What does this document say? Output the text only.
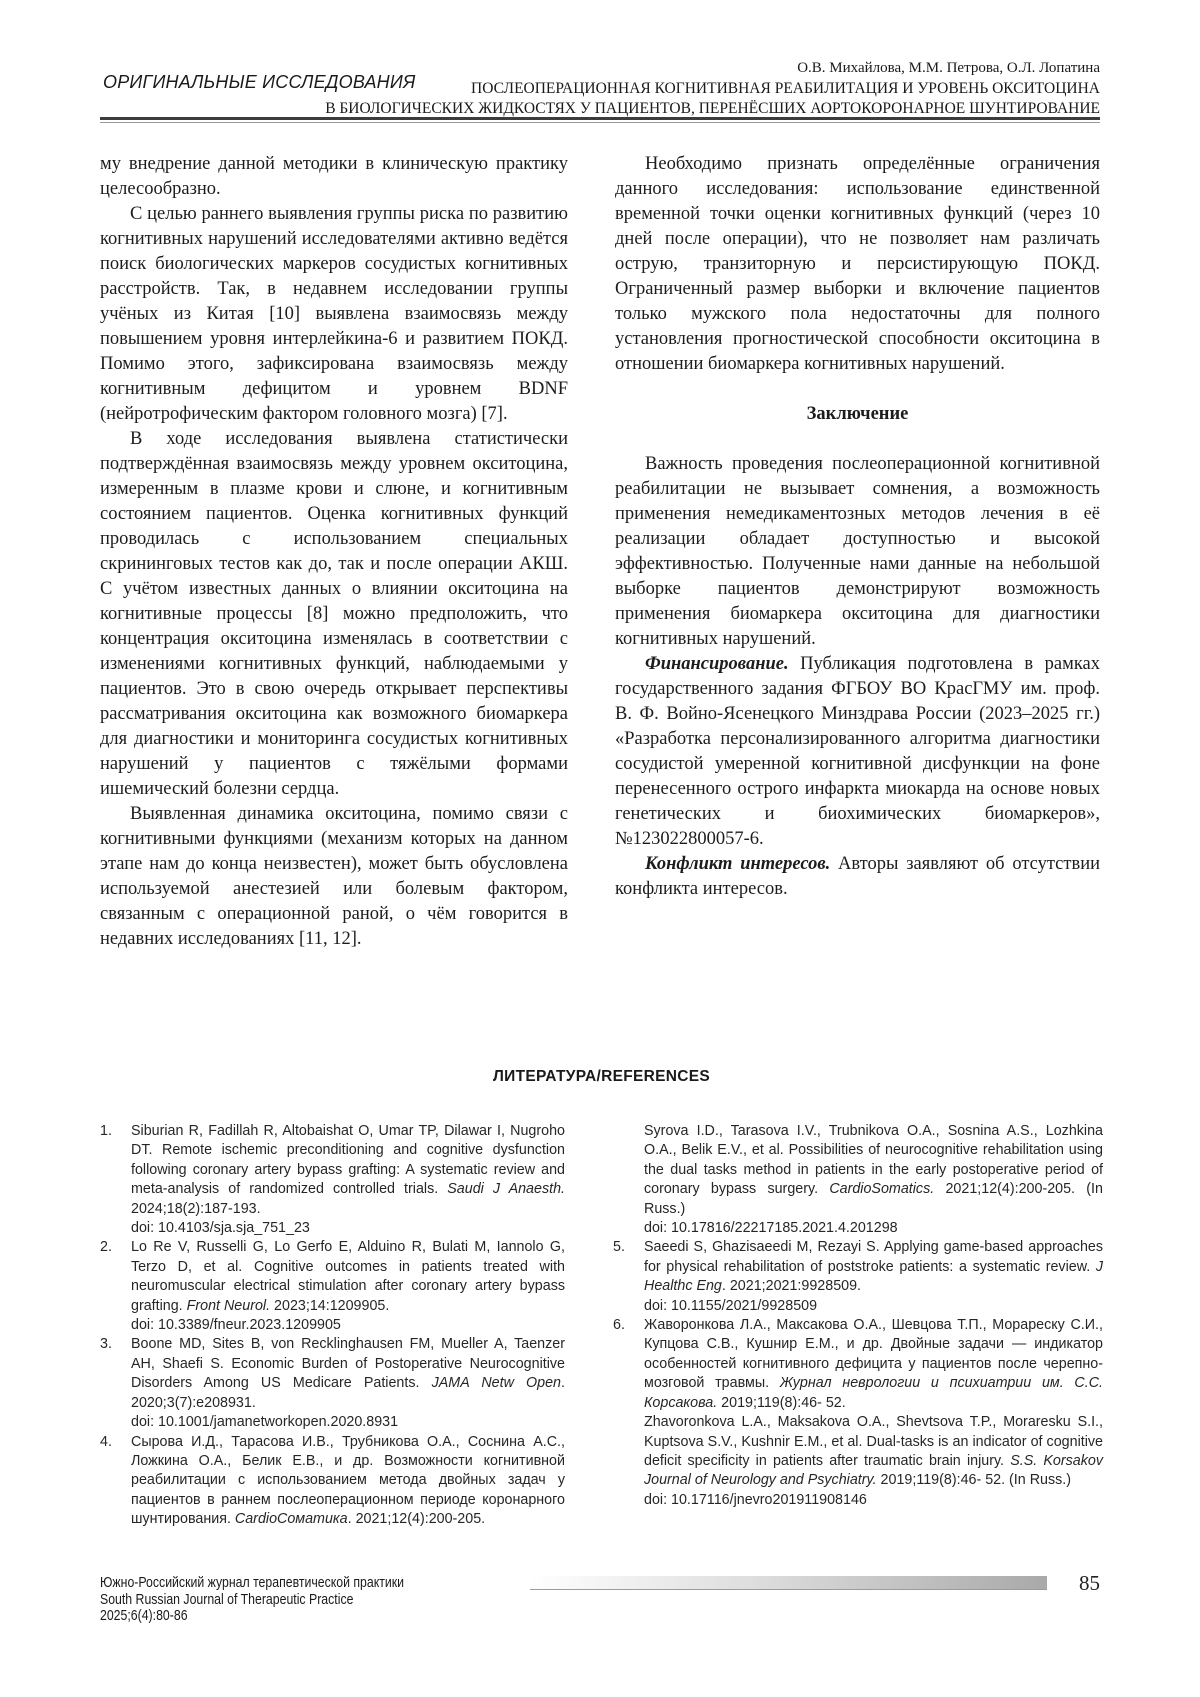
ОРИГИНАЛЬНЫЕ ИССЛЕДОВАНИЯ
О.В. Михайлова, М.М. Петрова, О.Л. Лопатина
ПОСЛЕОПЕРАЦИОННАЯ КОГНИТИВНАЯ РЕАБИЛИТАЦИЯ И УРОВЕНЬ ОКСИТОЦИНА
В БИОЛОГИЧЕСКИХ ЖИДКОСТЯХ У ПАЦИЕНТОВ, ПЕРЕНЁСШИХ АОРТОКОРОНАРНОЕ ШУНТИРОВАНИЕ

му внедрение данной методики в клиническую практику целесообразно.

С целью раннего выявления группы риска по развитию когнитивных нарушений исследователями активно ведётся поиск биологических маркеров сосудистых когнитивных расстройств. Так, в недавнем исследовании группы учёных из Китая [10] выявлена взаимосвязь между повышением уровня интерлейкина-6 и развитием ПОКД. Помимо этого, зафиксирована взаимосвязь между когнитивным дефицитом и уровнем BDNF (нейротрофическим фактором головного мозга) [7].

В ходе исследования выявлена статистически подтверждённая взаимосвязь между уровнем окситоцина, измеренным в плазме крови и слюне, и когнитивным состоянием пациентов. Оценка когнитивных функций проводилась с использованием специальных скрининговых тестов как до, так и после операции АКШ. С учётом известных данных о влиянии окситоцина на когнитивные процессы [8] можно предположить, что концентрация окситоцина изменялась в соответствии с изменениями когнитивных функций, наблюдаемыми у пациентов. Это в свою очередь открывает перспективы рассматривания окситоцина как возможного биомаркера для диагностики и мониторинга сосудистых когнитивных нарушений у пациентов с тяжёлыми формами ишемический болезни сердца.

Выявленная динамика окситоцина, помимо связи с когнитивными функциями (механизм которых на данном этапе нам до конца неизвестен), может быть обусловлена используемой анестезией или болевым фактором, связанным с операционной раной, о чём говорится в недавних исследованиях [11, 12].

Необходимо признать определённые ограничения данного исследования: использование единственной временной точки оценки когнитивных функций (через 10 дней после операции), что не позволяет нам различать острую, транзиторную и персистирующую ПОКД. Ограниченный размер выборки и включение пациентов только мужского пола недостаточны для полного установления прогностической способности окситоцина в отношении биомаркера когнитивных нарушений.

Заключение

Важность проведения послеоперационной когнитивной реабилитации не вызывает сомнения, а возможность применения немедикаментозных методов лечения в её реализации обладает доступностью и высокой эффективностью. Полученные нами данные на небольшой выборке пациентов демонстрируют возможность применения биомаркера окситоцина для диагностики когнитивных нарушений.

Финансирование. Публикация подготовлена в рамках государственного задания ФГБОУ ВО КрасГМУ им. проф. В. Ф. Войно-Ясенецкого Минздрава России (2023–2025 гг.) «Разработка персонализированного алгоритма диагностики сосудистой умеренной когнитивной дисфункции на фоне перенесенного острого инфаркта миокарда на основе новых генетических и биохимических биомаркеров», №123022800057-6.

Конфликт интересов. Авторы заявляют об отсутствии конфликта интересов.

ЛИТЕРАТУРА/REFERENCES
1. Siburian R, Fadillah R, Altobaishat O, Umar TP, Dilawar I, Nugroho DT. Remote ischemic preconditioning and cognitive dysfunction following coronary artery bypass grafting: A systematic review and meta-analysis of randomized controlled trials. Saudi J Anaesth. 2024;18(2):187-193.
doi: 10.4103/sja.sja_751_23
2. Lo Re V, Russelli G, Lo Gerfo E, Alduino R, Bulati M, Iannolo G, Terzo D, et al. Cognitive outcomes in patients treated with neuromuscular electrical stimulation after coronary artery bypass grafting. Front Neurol. 2023;14:1209905.
doi: 10.3389/fneur.2023.1209905
3. Boone MD, Sites B, von Recklinghausen FM, Mueller A, Taenzer AH, Shaefi S. Economic Burden of Postoperative Neurocognitive Disorders Among US Medicare Patients. JAMA Netw Open. 2020;3(7):e208931.
doi: 10.1001/jamanetworkopen.2020.8931
4. Сырова И.Д., Тарасова И.В., Трубникова О.А., Соснина А.С., Ложкина О.А., Белик Е.В., и др. Возможности когнитивной реабилитации с использованием метода двойных задач у пациентов в раннем послеоперационном периоде коронарного шунтирования. CardioСоматика. 2021;12(4):200-205.
Syrova I.D., Tarasova I.V., Trubnikova O.A., Sosnina A.S., Lozhkina O.A., Belik E.V., et al. Possibilities of neurocognitive rehabilitation using the dual tasks method in patients in the early postoperative period of coronary bypass surgery. CardioSomatics. 2021;12(4):200-205. (In Russ.)
doi: 10.17816/22217185.2021.4.201298
5. Saeedi S, Ghazisaeedi M, Rezayi S. Applying game-based approaches for physical rehabilitation of poststroke patients: a systematic review. J Healthc Eng. 2021;2021:9928509.
doi: 10.1155/2021/9928509
6. Жаворонкова Л.А., Максакова О.А., Шевцова Т.П., Морареску С.И., Купцова С.В., Кушнир Е.М., и др. Двойные задачи — индикатор особенностей когнитивного дефицита у пациентов после черепно-мозговой травмы. Журнал неврологии и психиатрии им. С.С. Корсакова. 2019;119(8):46- 52.
Zhavoronkova L.A., Maksakova O.A., Shevtsova T.P., Moraresku S.I., Kuptsova S.V., Kushnir E.M., et al. Dual-tasks is an indicator of cognitive deficit specificity in patients after traumatic brain injury. S.S. Korsakov Journal of Neurology and Psychiatry. 2019;119(8):46- 52. (In Russ.)
doi: 10.17116/jnevro201911908146
Южно-Российский журнал терапевтической практики
South Russian Journal of Therapeutic Practice
2025;6(4):80-86
85
